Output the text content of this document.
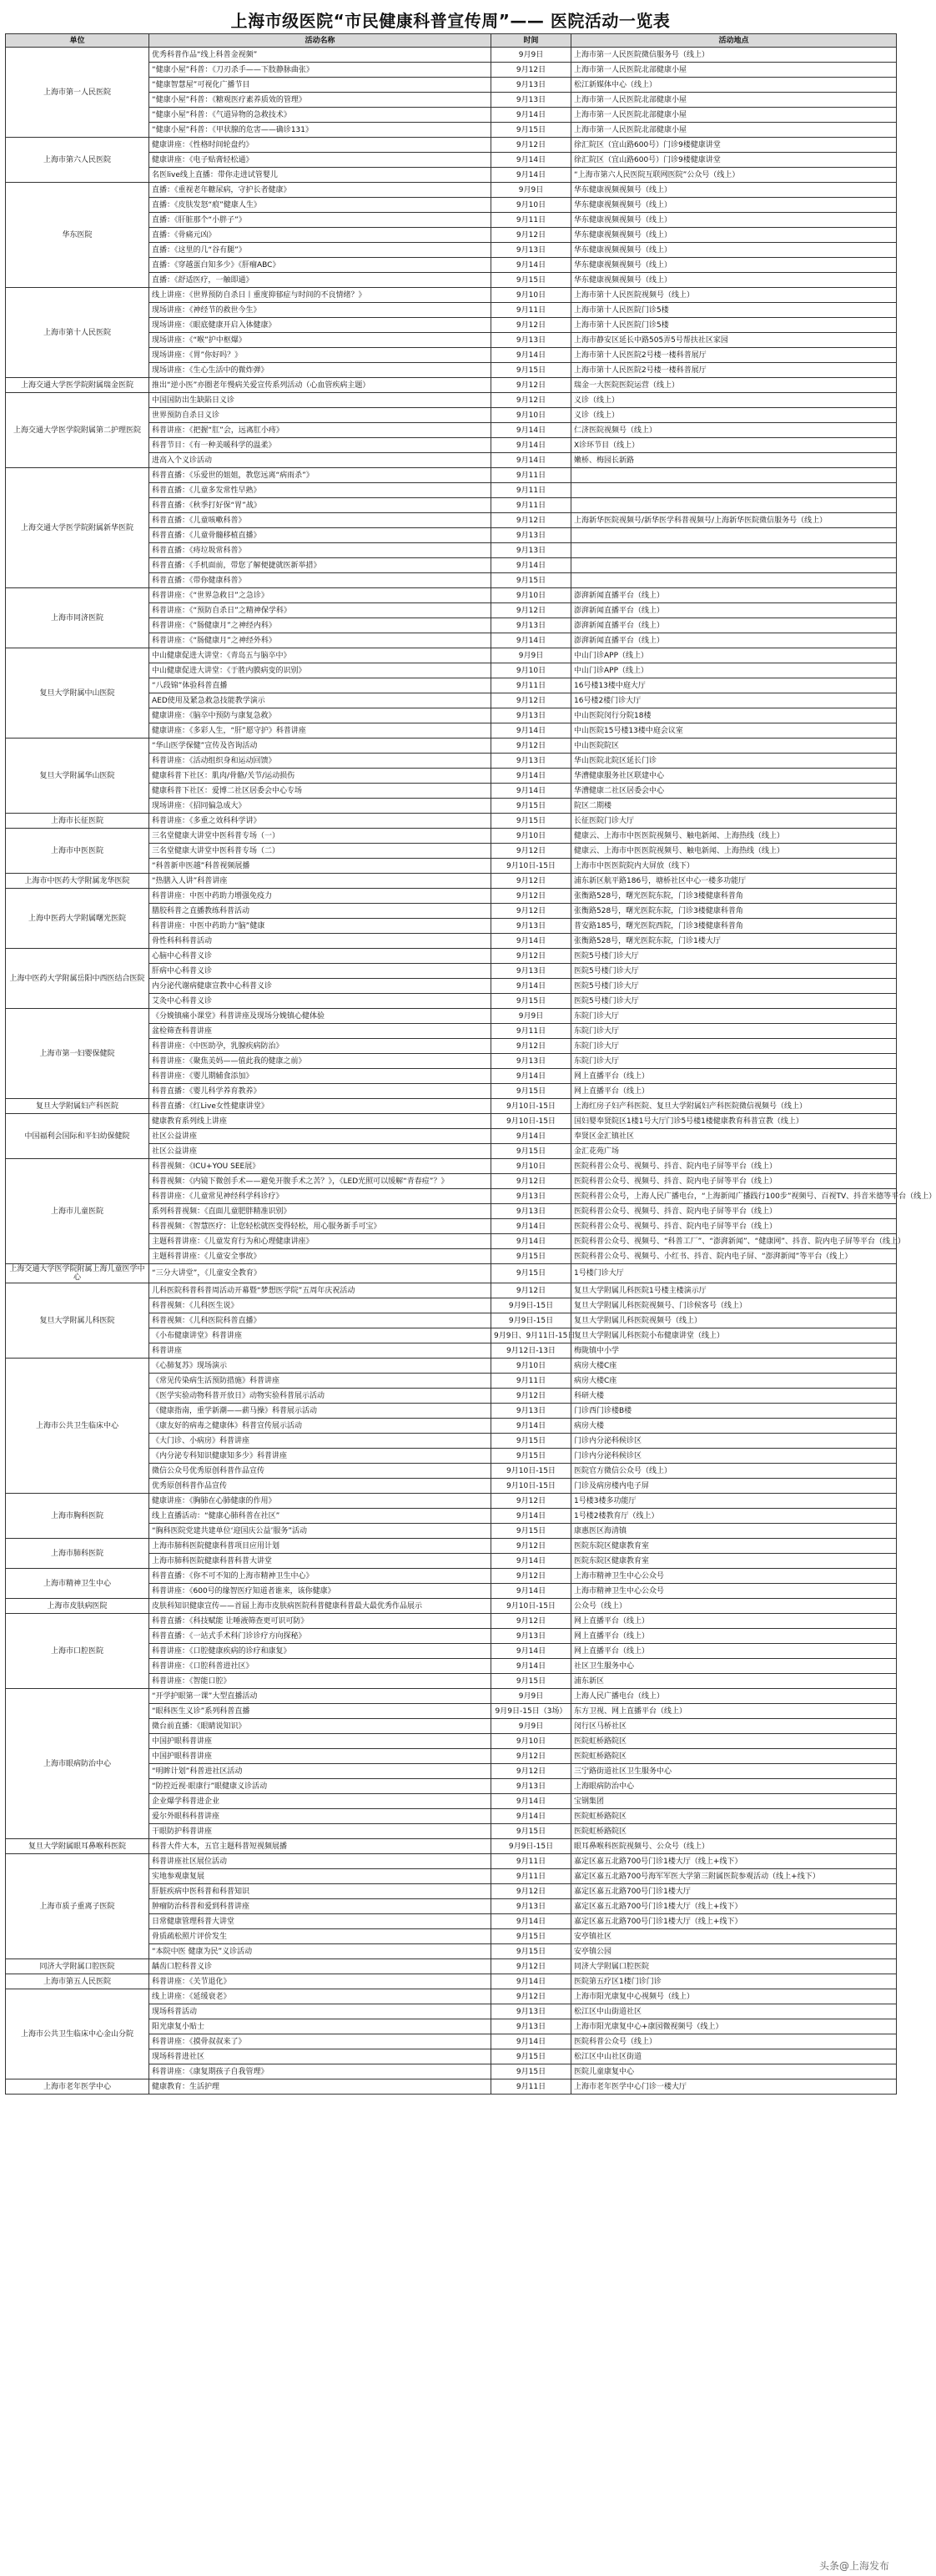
上海市级医院“市民健康科普宣传周”—— 医院活动一览表
单位	活动名称	时间	活动地点
上海市第一人民医院	优秀科普作品“线上科普金视频”	9月9日	上海市第一人民医院微信服务号（线上）
	“健康小屋”科普：《刀刃杀手——下肢静脉曲张》	9月12日	上海市第一人民医院北部健康小屋
	“健康智慧屋”可视化广播节目	9月13日	松江新媒体中心（线上）
	“健康小屋”科普：《糖观医疗素养质效的管理》	9月13日	上海市第一人民医院北部健康小屋
	“健康小屋”科普：《气道异物的急救技术》	9月14日	上海市第一人民医院北部健康小屋
	“健康小屋”科普：《甲状腺的危害——确诊131》	9月15日	上海市第一人民医院北部健康小屋
上海市第六人民医院	健康讲座：《性格时间轮盘约》	9月12日	徐汇院区（宜山路600号）门诊9楼健康讲堂
	健康讲座：《电子贴膏轻松通》	9月14日	徐汇院区（宜山路600号）门诊9楼健康讲堂
	名医live线上直播：带你走进试管婴儿	9月14日	“上海市第六人民医院互联网医院”公众号（线上）
华东医院	直播：《重视老年糖尿病，守护长者健康》	9月9日	华东健康视频视频号（线上）
	直播：《皮肤发怒“痕”健康人生》	9月10日	华东健康视频视频号（线上）
	直播：《肝脏那个“小胖子”》	9月11日	华东健康视频视频号（线上）
	直播：《骨痛元凶》	9月12日	华东健康视频视频号（线上）
	直播：《这里的几“谷有腿”》	9月13日	华东健康视频视频号（线上）
	直播：《穿越蛋白知多少》《肝瘤ABC》	9月14日	华东健康视频视频号（线上）
	直播：《舒适医疗，一触即通》	9月15日	华东健康视频视频号（线上）
上海市第十人民医院	线上讲座：《世界预防自杀日丨重度抑郁症与时间的不良情绪？》	9月10日	上海市第十人民医院视频号（线上）
	现场讲座：《神经节的救世今生》	9月11日	上海市第十人民医院门诊5楼
	现场讲座：《眼底健康开启入体健康》	9月12日	上海市第十人民医院门诊5楼
	现场讲座：《“喉”护中枢爆》	9月13日	上海市静安区延长中路505弄5号帮扶社区家园
	现场讲座：《胃”你好吗？》	9月14日	上海市第十人民医院2号楼一楼科普展厅
	现场讲座：《生心生活中的微炸弹》	9月15日	上海市第十人民医院2号楼一楼科普展厅
上海交通大学医学院附属瑞金医院	推出“逆小医”亦圈老年慢病关爱宣传系列活动（心血管疾病主题）	9月12日	瑞金一大医院医院运营（线上）
上海交通大学医学院附属第二护理医院	中国国防出生缺陷日义诊	9月12日	义诊（线上）
	世界预防自杀日义诊	9月10日	义诊（线上）
	科普讲座：《把握“肛”会，远离肛小痔》	9月14日	仁济医院视频号（线上）
	科普节目：《有一种美暖科学的温柔》	9月14日	X诊环节目（线上）
	进高入个义诊活动	9月14日	嫩桥、梅园长新路
上海交通大学医学院附属新华医院	科普直播：《乐爱世的姐姐，教您远离“病雨杀”》	9月11日	
	科普直播：《儿童多发常性早熟》	9月11日	
	科普直播：《秋季打好保“胃”战》	9月11日	
	科普直播：《儿童咳嗽科普》	9月12日	上海新华医院视频号/新华医学科普视频号/上海新华医院微信服务号（线上）
	科普直播：《儿童骨髓移植直播》	9月13日	
	科普直播：《痔垃圾常科普》	9月13日	
	科普直播：《手机面前，带您了解便捷就医新举措》	9月14日	
	科普直播：《带你健康科普》	9月15日	
上海市同济医院	科普讲座：《“世界急救日”之急诊》	9月10日	澎湃新闻直播平台（线上）
	科普讲座：《“预防自杀日”之精神保学科》	9月12日	澎湃新闻直播平台（线上）
	科普讲座：《“肠健康月”之神经内科》	9月13日	澎湃新闻直播平台（线上）
	科普讲座：《“肠健康月”之神经外科》	9月14日	澎湃新闻直播平台（线上）
复旦大学附属中山医院	中山健康促进大讲堂：《青岛五与脑卒中》	9月9日	中山门诊APP（线上）
	中山健康促进大讲堂：《于胜内膜病变的识别》	9月10日	中山门诊APP（线上）
	“八段锦”体验科普直播	9月11日	16号楼13楼中庭大厅
	AED使用及紧急救急技能教学演示	9月12日	16号楼2楼门诊大厅
	健康讲座：《脑卒中预防与康复急救》	9月13日	中山医院闵行分院18楼
	健康讲座：《多彩人生，“肝”愿守护》科普讲座	9月14日	中山医院15号楼13楼中庭会议室
复旦大学附属华山医院	“华山医学保健”宣传及咨询活动	9月12日	中山医院院区
	科普讲座：《活动组织身和运动回馈》	9月13日	华山医院北院区延长门诊
	健康科普下社区：肌肉/骨骼/关节/运动损伤	9月14日	华漕健康服务社区联建中心
	健康科普下社区：爱博二社区居委会中心专场	9月14日	华漕健康二社区居委会中心
	现场讲座：《招同偏急成大》	9月15日	院区二期楼
上海市长征医院	科普讲座：《多重之效科科学讲》	9月15日	长征医院门诊大厅
上海市中医医院	三名堂健康大讲堂中医科普专场（一）	9月10日	健康云、上海市中医医院视频号、触电新闻、上海热线（线上）
	三名堂健康大讲堂中医科普专场（二）	9月12日	健康云、上海市中医医院视频号、触电新闻、上海热线（线上）
	“科普新申医越”科普视频展播	9月10日-15日	上海市中医医院院内大屏放（线下）
上海市中医药大学附属龙华医院	“热膳入人讲”科普讲座	9月12日	浦东新区航平路186号，塘桥社区中心一楼多功能厅
上海中医药大学附属曙光医院	科普讲座：中医中药助力增强免疫力	9月12日	张衡路528号，曙光医院东院，门诊3楼健康科普角
	膳胶科普之直播教练科普活动	9月12日	张衡路528号，曙光医院东院，门诊3楼健康科普角
	科普讲座：中医中药助力“脑”健康	9月13日	普安路185号，曙光医院西院，门诊3楼健康科普角
	骨性科科科普活动	9月14日	张衡路528号，曙光医院东院，门诊1楼大厅
上海中医药大学附属岳阳中西医结合医院	心脑中心科普义诊	9月12日	医院5号楼门诊大厅
	肝病中心科普义诊	9月13日	医院5号楼门诊大厅
	内分泌代谢病健康宣教中心科普义诊	9月14日	医院5号楼门诊大厅
	艾灸中心科普义诊	9月15日	医院5号楼门诊大厅
上海市第一妇婴保健院	《分娩镇痛小课堂》科普讲座及现场分娩镇心健体验	9月9日	东院门诊大厅
	盆检筛查科普讲座	9月11日	东院门诊大厅
	科普讲座：《中医助孕，乳腺疾病防治》	9月12日	东院门诊大厅
	科普讲座：《聚焦美妈——值此我的健康之前》	9月13日	东院门诊大厅
	科普讲座：《婴儿期辅食添加》	9月14日	网上直播平台（线上）
	科普直播：《婴儿科学养育教养》	9月15日	网上直播平台（线上）
复旦大学附属妇产科医院	科普直播：《红Live女性健康讲堂》	9月10日-15日	上海红房子妇产科医院、复旦大学附属妇产科医院微信视频号（线上）
中国福利会国际和平妇幼保健院	健康教育系列线上讲座	9月10日-15日	国妇婴奉贤院区1楼1号大厅门诊5号楼1楼健康教育科普宣教（线上）
	社区公益讲座	9月14日	奉贤区金汇镇社区
	社区公益讲座	9月15日	金汇花苑广场
上海市儿童医院	科普视频：《ICU+YOU SEE展》	9月10日	医院科普公众号、视频号、抖音、院内电子屏等平台（线上）
	科普视频：《内镜下微创手术——避免开腹手术之苦？》，《LED光照可以缓解“青春痘”？》	9月12日	医院科普公众号、视频号、抖音、院内电子屏等平台（线上）
	科普讲座：《儿童常见神经科学科诊疗》	9月13日	医院科普公众号，上海人民广播电台，“上海新闻广播践行100步”视频号、百视TV、抖音米德等平台（线上）
	系列科普视频：《直面儿童肥胖精准识别》	9月13日	医院科普公众号、视频号、抖音、院内电子屏等平台（线上）
	科普视频：《智慧医疗：让您轻松就医变得轻松，用心服务新手可宝》	9月14日	医院科普公众号、视频号、抖音、院内电子屏等平台（线上）
	主题科普讲座：《儿童发育行为和心理健康讲座》	9月14日	医院科普公众号、视频号、“科普工厂”、“澎湃新闻”、“健康网”、抖音、院内电子屏等平台（线上）
	主题科普讲座：《儿童安全事故》	9月15日	医院科普公众号、视频号、小红书、抖音、院内电子屏、“澎湃新闻”等平台（线上）
上海交通大学医学院附属上海儿童医学中心	“三分大讲堂”，《儿童安全教育》	9月15日	1号楼门诊大厅
复旦大学附属儿科医院	儿科医院科普科普周活动开幕暨“梦想医学院”五周年庆祝活动	9月12日	复旦大学附属儿科医院1号楼主楼演示厅
	科普视频：《儿科医生说》	9月9日-15日	复旦大学附属儿科医院视频号、门诊候客号（线上）
	科普视频：《儿科医院科普直播》	9月9日-15日	复旦大学附属儿科医院视频号（线上）
	《小布健康讲堂》科普讲座	9月9日、9月11日-15日	复旦大学附属儿科医院小布健康讲堂（线上）
	科普讲座	9月12日-13日	梅陇镇中小学
上海市公共卫生临床中心	《心肺复苏》现场演示	9月10日	病房大楼C座
	《常见传染病生活预防措施》科普讲座	9月11日	病房大楼C座
	《医学实验动物科普开放日》动物实验科普展示活动	9月12日	科研大楼
	《健康指南，重学新潮——薪马操》科普展示活动	9月13日	门诊西门诊楼B楼
	《康友好的病毒之健康体》科普宣传展示活动	9月14日	病房大楼
	《大门诊、小病房》科普讲座	9月15日	门诊内分泌科候诊区
	《内分泌专科知识健康知多少》科普讲座	9月15日	门诊内分泌科候诊区
	微信公众号优秀原创科普作品宣传	9月10日-15日	医院官方微信公众号（线上）
	优秀原创科普作品宣传	9月10日-15日	门诊及病房楼内电子屏
上海市胸科医院	健康讲座：《胸肺在心肺健康的作用》	9月12日	1号楼3楼多功能厅
	线上直播活动：“健康心肺科普在社区”	9月14日	1号楼2楼教育厅（线上）
	“胸科医院党建共建单位‘迎国庆公益’服务”活动	9月15日	康惠医区海清镇
上海市肺科医院	上海市肺科医院健康科普项目应用计划	9月12日	医院东院区健康教育室
	上海市肺科医院健康科普科普大讲堂	9月14日	医院东院区健康教育室
上海市精神卫生中心	科普直播：《你不可不知的上海市精神卫生中心》	9月12日	上海市精神卫生中心公众号
	科普讲座：《600号的缘智医疗知道者谁来，该你健康》	9月14日	上海市精神卫生中心公众号
上海市皮肤病医院	皮肤科知识健康宣传——首届上海市皮肤病医院科普健康科普最大最优秀作品展示	9月10日-15日	公众号（线上）
上海市口腔医院	科普直播：《科技赋能 让唾液筛查更可识可防》	9月12日	网上直播平台（线上）
	科普直播：《一站式手术科门诊诊疗方向探秘》	9月13日	网上直播平台（线上）
	科普讲座：《口腔健康疾病的诊疗和康复》	9月14日	网上直播平台（线上）
	科普讲座：《口腔科普进社区》	9月14日	社区卫生服务中心
	科普讲座：《智能口腔》	9月15日	浦东新区
上海市眼病防治中心	“开学护眼第一课”大型直播活动	9月9日	上海人民广播电台（线上）
	“眼科医生义诊”系列科普直播	9月9日-15日（3场）	东方卫视、网上直播平台（线上）
	微台前直播：《眼睛说知识》	9月9日	闵行区马桥社区
	中国护眼科普讲座	9月10日	医院虹桥路院区
	中国护眼科普讲座	9月12日	医院虹桥路院区
	“明眸计划”科普进社区活动	9月12日	三宁路街道社区卫生服务中心
	“防控近视·眼康行”眼健康义诊活动	9月13日	上海眼病防治中心
	企业爆学科普进企业	9月14日	宝钢集团
	爱尔外眼科科普讲座	9月14日	医院虹桥路院区
	干眼防护科普讲座	9月15日	医院虹桥路院区
复旦大学附属眼耳鼻喉科医院	科普大件大本，五官主题科普短视频展播	9月9日-15日	眼耳鼻喉科医院视频号、公众号（线上）
上海市质子重离子医院	科普讲座社区展位活动	9月11日	嘉定区嘉五北路700号门诊1楼大厅（线上+线下）
	实地参观康复展	9月11日	嘉定区嘉五北路700号海军军医大学第三附属医院参观活动（线上+线下）
	肝脏疾病中医科普和科普知识	9月12日	嘉定区嘉五北路700号门诊1楼大厅
	肿瘤防治科普和爱到科普讲座	9月13日	嘉定区嘉五北路700号门诊1楼大厅（线上+线下）
	日常健康管理科普大讲堂	9月14日	嘉定区嘉五北路700号门诊1楼大厅（线上+线下）
	骨质疏松照片评价发生	9月15日	安亭镇社区
	“本院中医 健康为民”义诊活动	9月15日	安亭镇公园
同济大学附属口腔医院	龋齿口腔科普义诊	9月12日	同济大学附属口腔医院
上海市第五人民医院	科普讲座：《关节退化》	9月14日	医院第五疗区1楼门诊门诊
上海市公共卫生临床中心金山分院	线上讲座：《延缓衰老》	9月12日	上海市阳光康复中心视频号（线上）
	现场科普活动	9月13日	松江区中山街道社区
	阳光康复小贴士	9月13日	上海市阳光康复中心+康园微视频号（线上）
	科普讲座：《摸骨叔叔来了》	9月14日	医院科普公众号（线上）
	现场科普进社区	9月15日	松江区中山社区街道
	科普讲座：《康复期孩子自我管理》	9月15日	医院儿童康复中心
上海市老年医学中心	健康教育：生活护理	9月11日	上海市老年医学中心门诊一楼大厅
头条@上海发布
